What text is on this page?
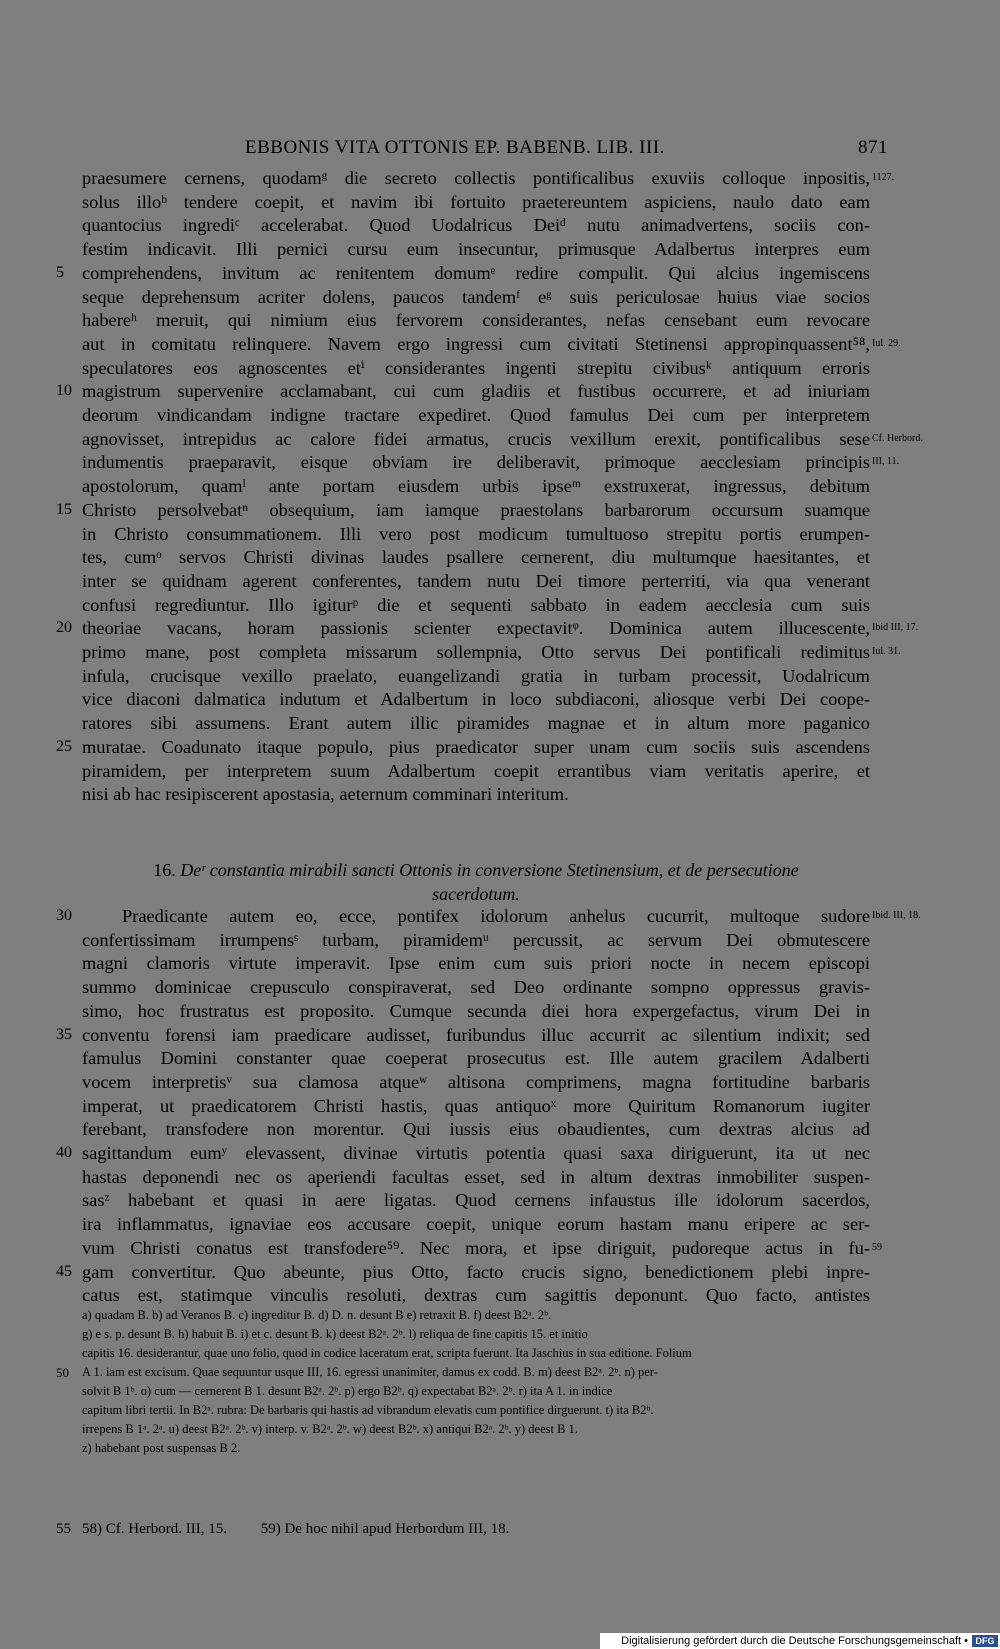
EBBONIS VITA OTTONIS EP. BABENB. LIB. III.	871
praesumere cernens, quodamᵍ die secreto collectis pontificalibus exuviis colloque inpositis, 1127.
solus illoᵇ tendere coepit, et navim ibi fortuito praetereuntem aspiciens, naulo dato eam
quantocius ingrediᶜ accelerabat. Quod Uodalricus Deiᵈ nutu animadvertens, sociis con-
festim indicavit. Illi pernici cursu eum insecuntur, primusque Adalbertus interpres eum
comprehendens, invitum ac renitentem domumᵉ redire compulit. Qui alcius ingemiscens
5
seque deprehensum acriter dolens, paucos tandemᶠ eᵍ suis periculosae huius viae socios
habereʰ meruit, qui nimium eius fervorem considerantes, nefas censebant eum revocare
aut in comitatu relinquere. Navem ergo ingressi cum civitati Stetinensi appropinquassent⁵⁸, Iul. 29.
speculatores eos agnoscentes etⁱ considerantes ingenti strepitu civibusᵏ antiquum erroris
magistrum supervenire acclamabant, cui cum gladiis et fustibus occurrere, et ad iniuriam
10
deorum vindicandam indigne tractare expediret. Quod famulus Dei cum per interpretem
agnovisset, intrepidus ac calore fidei armatus, crucis vexillum erexit, pontificalibus sese Cf. Herbord.
indumentis praeparavit, eisque obviam ire deliberavit, primoque aecclesiam principis III, 11.
apostolorum, quamˡ ante portam eiusdem urbis ipseᵐ exstruxerat, ingressus, debitum
Christo persolvebatⁿ obsequium, iam iamque praestolans barbarorum occursum suamque
15
in Christo consummationem. Illi vero post modicum tumultuoso strepitu portis erumpen-
tes, cumᵒ servos Christi divinas laudes psallere cernerent, diu multumque haesitantes, et
inter se quidnam agerent conferentes, tandem nutu Dei timore perterriti, via qua venerant
confusi regrediuntur. Illo igiturᵖ die et sequenti sabbato in eadem aecclesia cum suis
theoriae vacans, horam passionis scienter expectavitᵠ. Dominica autem illucescente,
20	Ibid III, 17.
primo mane, post completa missarum sollempnia, Otto servus Dei pontificali redimitus Iul. 31.
infula, crucisque vexillo praelato, euangelizandi gratia in turbam processit, Uodalricum
vice diaconi dalmatica indutum et Adalbertum in loco subdiaconi, aliosque verbi Dei coope-
ratores sibi assumens. Erant autem illic piramides magnae et in altum more paganico
muratae. Coadunato itaque populo, pius praedicator super unam cum sociis suis ascendens
25
piramidem, per interpretem suum Adalbertum coepit errantibus viam veritatis aperire, et
nisi ab hac resipiscerent apostasia, aeternum comminari interitum.
16. Deʳ constantia mirabili sancti Ottonis in conversione Stetinensium, et de persecutione
sacerdotum.
Praedicante autem eo, ecce, pontifex idolorum anhelus cucurrit, multoque sudore
30	Ibid. III, 18.
confertissimam irrumpensˢ turbam, piramidemᵘ percussit, ac servum Dei obmutescere
magni clamoris virtute imperavit. Ipse enim cum suis priori nocte in necem episcopi
summo dominicae crepusculo conspiraverat, sed Deo ordinante sompno oppressus gravis-
simo, hoc frustratus est proposito. Cumque secunda diei hora expergefactus, virum Dei in
conventu forensi iam praedicare audisset, furibundus illuc accurrit ac silentium indixit; sed
35
famulus Domini constanter quae coeperat prosecutus est. Ille autem gracilem Adalberti
vocem interpretisᵛ sua clamosa atqueʷ altisona comprimens, magna fortitudine barbaris
imperat, ut praedicatorem Christi hastis, quas antiquoˣ more Quiritum Romanorum iugiter
ferebant, transfodere non morentur. Qui iussis eius obaudientes, cum dextras alcius ad
sagittandum eumʸ elevassent, divinae virtutis potentia quasi saxa diriguerunt, ita ut nec
40
hastas deponendi nec os aperiendi facultas esset, sed in altum dextras inmobiliter suspen-
sasᶻ habebant et quasi in aere ligatas. Quod cernens infaustus ille idolorum sacerdos,
ira inflammatus, ignaviae eos accusare coepit, unique eorum hastam manu eripere ac ser-
vum Christi conatus est transfodere⁵⁹. Nec mora, et ipse diriguit, pudoreque actus in fu- 59
gam convertitur. Quo abeunte, pius Otto, facto crucis signo, benedictionem plebi inpre-
45
catus est, statimque vinculis resoluti, dextras cum sagittis deponunt. Quo facto, antistes
a) quadam B. b) ad Veranos B. c) ingreditur B. d) D. n. desunt B e) retraxit B. f) deest B2ᵃ. 2ᵇ.
g) e s. p. desunt B. h) habuit B. i) et c. desunt B. k) deest B2ᵃ. 2ᵇ. l) reliqua de fine capitis 15. et initio
capitis 16. desiderantur, quae uno folio, quod in codice laceratum erat, scripta fuerunt. Ita Jaschius in sua editione. Folium
A 1. iam est excisum. Quae sequuntur usque III, 16. egressi unanimiter, damus ex codd. B. m) deest B2ᵃ. 2ᵇ. n) per-
50
solvit B 1ᵇ. o) cum — cernerent B 1. desunt B2ᵃ. 2ᵇ. p) ergo B2ᵇ. q) expectabat B2ᵃ. 2ᵇ. r) ita A 1. in indice
capitum libri tertii. In B2ᵃ. rubra: De barbaris qui hastis ad vibrandum elevatis cum pontifice dirguerunt. t) ita B2ᵇ.
irrepens B 1ᵃ. 2ᵃ. u) deest B2ᵃ. 2ᵇ. v) interp. v. B2ᵃ. 2ᵇ. w) deest B2ᵇ. x) antiqui B2ᵃ. 2ᵇ. y) deest B 1.
z) habebant post suspensas B 2.
55 58) Cf. Herbord. III, 15. 59) De hoc nihil apud Herbordum III, 18.
Digitalisierung gefördert durch die Deutsche Forschungsgemeinschaft • DFG
